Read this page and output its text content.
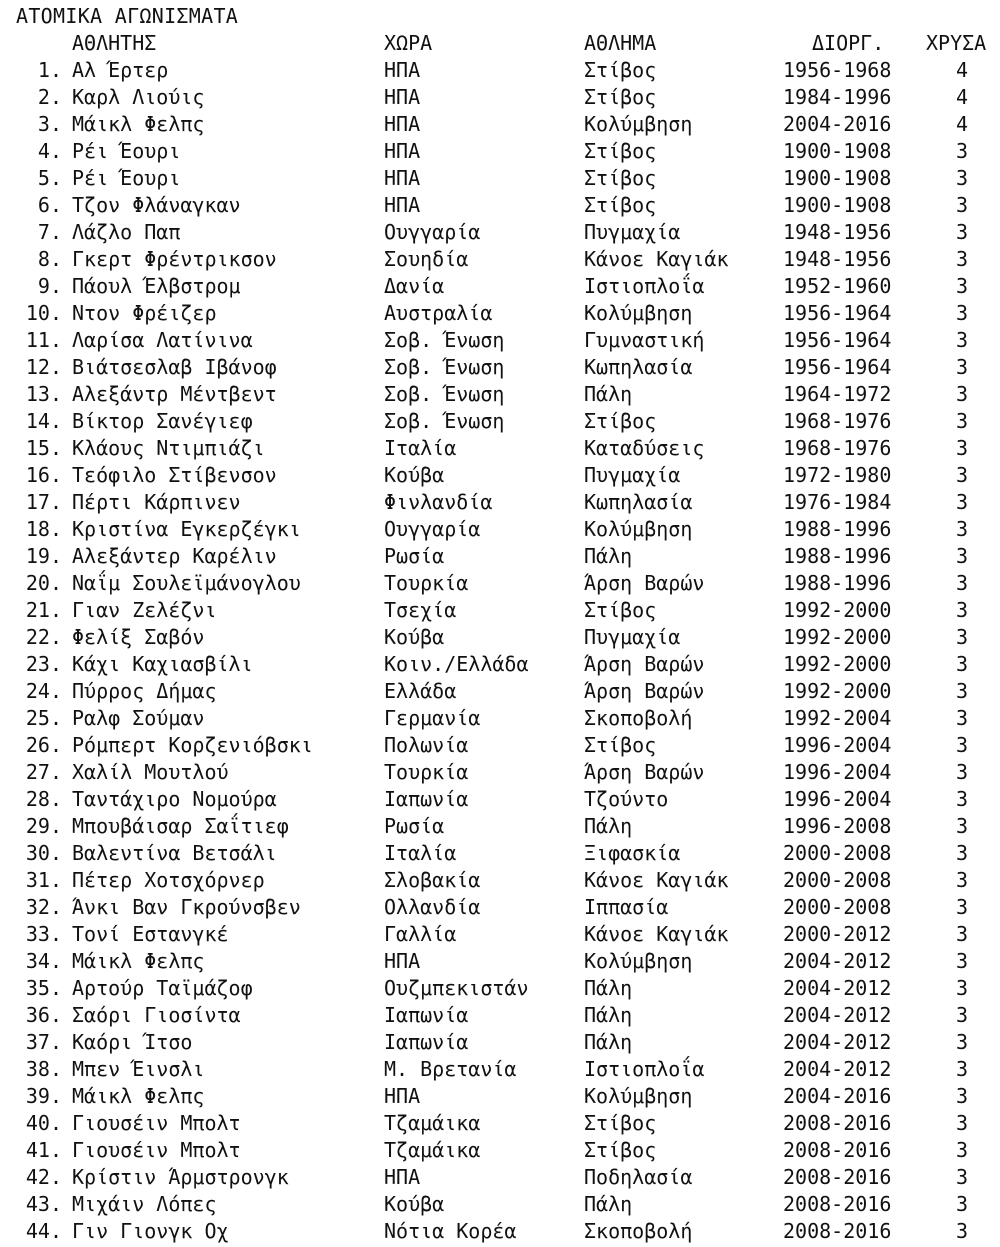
ΑΤΟΜΙΚΑ ΑΓΩΝΙΣΜΑΤΑ
ΑΘΛΗΤΗΣ	ΧΩΡΑ	ΑΘΛΗΜΑ	ΔΙΟΡΓ. ΧΡΥΣΑ
1. Αλ Έρτερ	ΗΠΑ	Στίβος	1956-1968	4
2. Καρλ Λιούις	ΗΠΑ	Στίβος	1984-1996	4
3. Μάικλ Φελπς	ΗΠΑ	Κολύμβηση	2004-2016	4
4. Ρέι Έουρι	ΗΠΑ	Στίβος	1900-1908	3
5. Ρέι Έουρι	ΗΠΑ	Στίβος	1900-1908	3
6. Τζον Φλάναγκαν	ΗΠΑ	Στίβος	1900-1908	3
7. Λάζλο Παπ	Ουγγαρία	Πυγμαχία	1948-1956	3
8. Γκερτ Φρέντρικσον	Σουηδία	Κάνοε Καγιάκ	1948-1956	3
9. Πάουλ Έλβστρομ	Δανία	Ιστιοπλοΐα	1952-1960	3
10. Ντον Φρέιζερ	Αυστραλία	Κολύμβηση	1956-1964	3
11. Λαρίσα Λατίνινα	Σοβ. Ένωση	Γυμναστική	1956-1964	3
12. Βιάτσεσλαβ Ιβάνοφ	Σοβ. Ένωση	Κωπηλασία	1956-1964	3
13. Αλεξάντρ Μέντβεντ	Σοβ. Ένωση	Πάλη	1964-1972	3
14. Βίκτορ Σανέγιεφ	Σοβ. Ένωση	Στίβος	1968-1976	3
15. Κλάους Ντιμπιάζι	Ιταλία	Καταδύσεις	1968-1976	3
16. Τεόφιλο Στίβενσον	Κούβα	Πυγμαχία	1972-1980	3
17. Πέρτι Κάρπινεν	Φινλανδία	Κωπηλασία	1976-1984	3
18. Κριστίνα Εγκερζέγκι	Ουγγαρία	Κολύμβηση	1988-1996	3
19. Αλεξάντερ Καρέλιν	Ρωσία	Πάλη	1988-1996	3
20. Ναΐμ Σουλεϊμάνογλου	Τουρκία	Άρση Βαρών	1988-1996	3
21. Γιαν Ζελέζνι	Τσεχία	Στίβος	1992-2000	3
22. Φελίξ Σαβόν	Κούβα	Πυγμαχία	1992-2000	3
23. Κάχι Καχιασβίλι	Κοιν./Ελλάδα	Άρση Βαρών	1992-2000	3
24. Πύρρος Δήμας	Ελλάδα	Άρση Βαρών	1992-2000	3
25. Ραλφ Σούμαν	Γερμανία	Σκοποβολή	1992-2004	3
26. Ρόμπερτ Κορζενιόβσκι	Πολωνία	Στίβος	1996-2004	3
27. Χαλίλ Μουτλού	Τουρκία	Άρση Βαρών	1996-2004	3
28. Ταντάχιρο Νομούρα	Ιαπωνία	Τζούντο	1996-2004	3
29. Μπουβάισαρ Σαΐτιεφ	Ρωσία	Πάλη	1996-2008	3
30. Βαλεντίνα Βετσάλι	Ιταλία	Ξιφασκία	2000-2008	3
31. Πέτερ Χοτσχόρνερ	Σλοβακία	Κάνοε Καγιάκ	2000-2008	3
32. Άνκι Βαν Γκρούνσβεν	Ολλανδία	Ιππασία	2000-2008	3
33. Τονί Εστανγκέ	Γαλλία	Κάνοε Καγιάκ	2000-2012	3
34. Μάικλ Φελπς	ΗΠΑ	Κολύμβηση	2004-2012	3
35. Αρτούρ Ταϊμάζοφ	Ουζμπεκιστάν	Πάλη	2004-2012	3
36. Σαόρι Γιοσίντα	Ιαπωνία	Πάλη	2004-2012	3
37. Καόρι Ίτσο	Ιαπωνία	Πάλη	2004-2012	3
38. Μπεν Έινσλι	Μ. Βρετανία	Ιστιοπλοΐα	2004-2012	3
39. Μάικλ Φελπς	ΗΠΑ	Κολύμβηση	2004-2016	3
40. Γιουσέιν Μπολτ	Τζαμάικα	Στίβος	2008-2016	3
41. Γιουσέιν Μπολτ	Τζαμάικα	Στίβος	2008-2016	3
42. Κρίστιν Άρμστρονγκ	ΗΠΑ	Ποδηλασία	2008-2016	3
43. Μιχάιν Λόπες	Κούβα	Πάλη	2008-2016	3
44. Γιν Γιονγκ Οχ	Νότια Κορέα	Σκοποβολή	2008-2016	3
